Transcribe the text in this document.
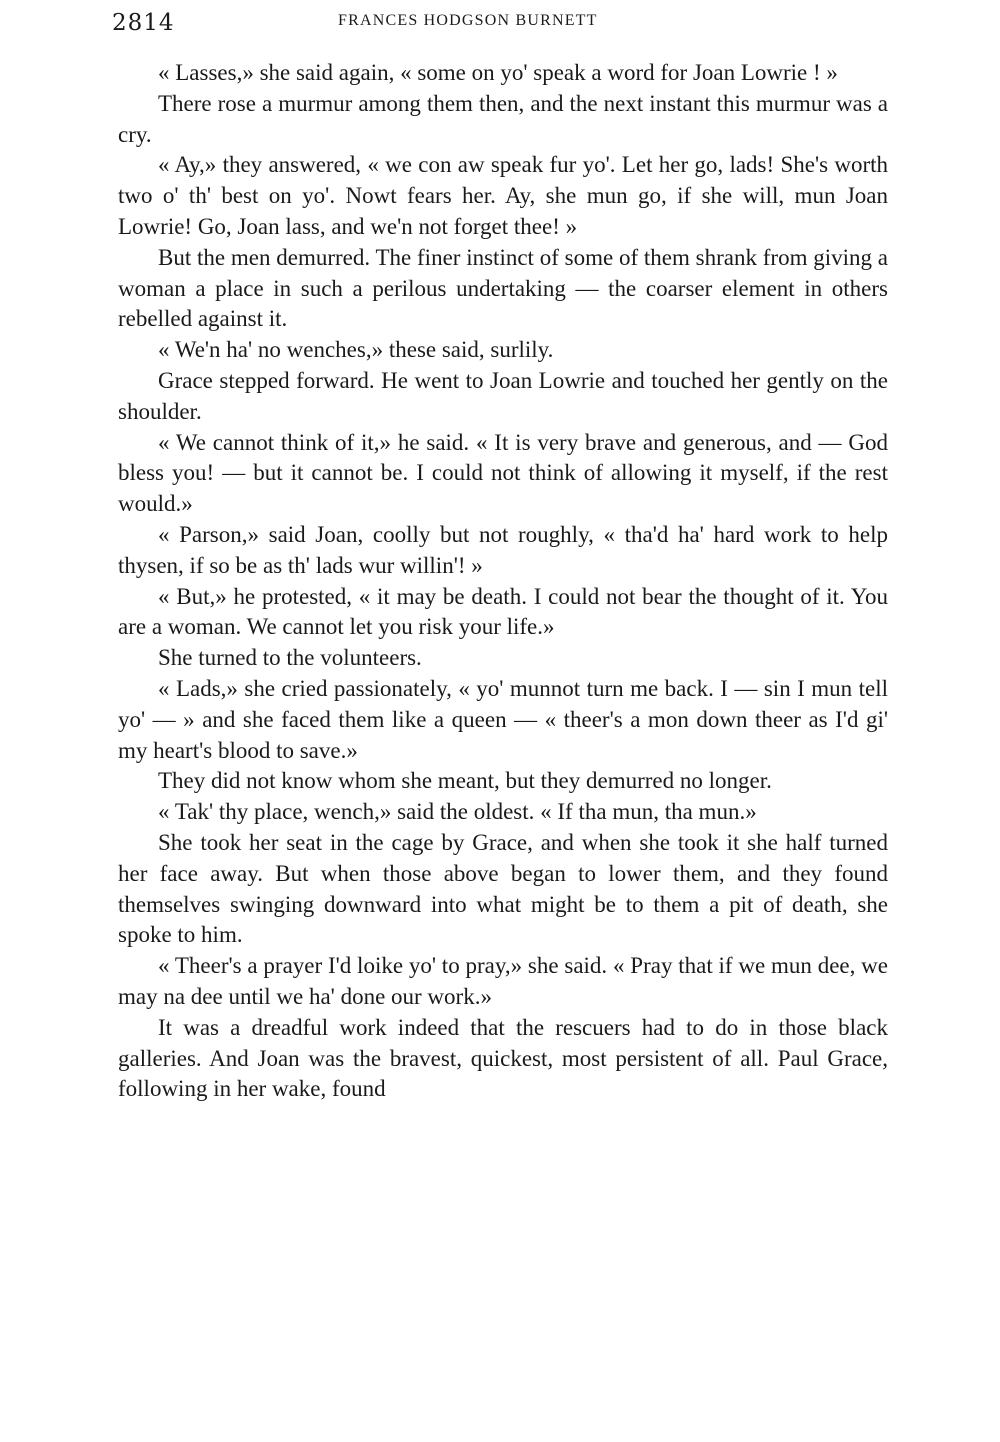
2814	FRANCES HODGSON BURNETT

« Lasses,» she said again, « some on yo' speak a word for Joan Lowrie ! »

There rose a murmur among them then, and the next instant this murmur was a cry.

« Ay,» they answered, « we con aw speak fur yo'. Let her go, lads! She's worth two o' th' best on yo'. Nowt fears her. Ay, she mun go, if she will, mun Joan Lowrie! Go, Joan lass, and we'n not forget thee! »

But the men demurred. The finer instinct of some of them shrank from giving a woman a place in such a perilous undertaking — the coarser element in others rebelled against it.

« We'n ha' no wenches,» these said, surlily.

Grace stepped forward. He went to Joan Lowrie and touched her gently on the shoulder.

« We cannot think of it,» he said. « It is very brave and generous, and — God bless you! — but it cannot be. I could not think of allowing it myself, if the rest would.»

« Parson,» said Joan, coolly but not roughly, « tha'd ha' hard work to help thysen, if so be as th' lads wur willin'! »

« But,» he protested, « it may be death. I could not bear the thought of it. You are a woman. We cannot let you risk your life.»

She turned to the volunteers.

« Lads,» she cried passionately, « yo' munnot turn me back. I — sin I mun tell yo' — » and she faced them like a queen — « theer's a mon down theer as I'd gi' my heart's blood to save.»

They did not know whom she meant, but they demurred no longer.

« Tak' thy place, wench,» said the oldest. « If tha mun, tha mun.»

She took her seat in the cage by Grace, and when she took it she half turned her face away. But when those above began to lower them, and they found themselves swinging downward into what might be to them a pit of death, she spoke to him.

« Theer's a prayer I'd loike yo' to pray,» she said. « Pray that if we mun dee, we may na dee until we ha' done our work.»

It was a dreadful work indeed that the rescuers had to do in those black galleries. And Joan was the bravest, quickest, most persistent of all. Paul Grace, following in her wake, found
